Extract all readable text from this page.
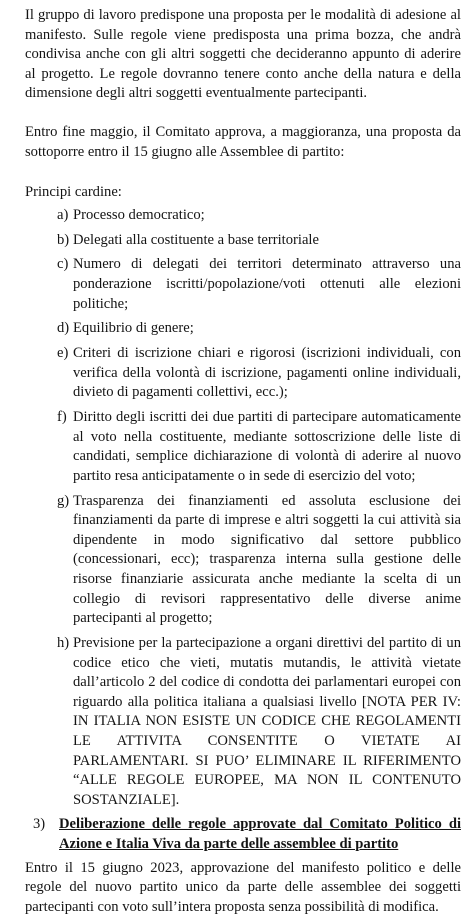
Il gruppo di lavoro predispone una proposta per le modalità di adesione al manifesto. Sulle regole viene predisposta una prima bozza, che andrà condivisa anche con gli altri soggetti che decideranno appunto di aderire al progetto. Le regole dovranno tenere conto anche della natura e della dimensione degli altri soggetti eventualmente partecipanti.

Entro fine maggio, il Comitato approva, a maggioranza, una proposta da sottoporre entro il 15 giugno alle Assemblee di partito:

Principi cardine:

a) Processo democratico;
b) Delegati alla costituente a base territoriale
c) Numero di delegati dei territori determinato attraverso una ponderazione iscritti/popolazione/voti ottenuti alle elezioni politiche;
d) Equilibrio di genere;
e) Criteri di iscrizione chiari e rigorosi (iscrizioni individuali, con verifica della volontà di iscrizione, pagamenti online individuali, divieto di pagamenti collettivi, ecc.);
f) Diritto degli iscritti dei due partiti di partecipare automaticamente al voto nella costituente, mediante sottoscrizione delle liste di candidati, semplice dichiarazione di volontà di aderire al nuovo partito resa anticipatamente o in sede di esercizio del voto;
g) Trasparenza dei finanziamenti ed assoluta esclusione dei finanziamenti da parte di imprese e altri soggetti la cui attività sia dipendente in modo significativo dal settore pubblico (concessionari, ecc); trasparenza interna sulla gestione delle risorse finanziarie assicurata anche mediante la scelta di un collegio di revisori rappresentativo delle diverse anime partecipanti al progetto;
h) Previsione per la partecipazione a organi direttivi del partito di un codice etico che vieti, mutatis mutandis, le attività vietate dall’articolo 2 del codice di condotta dei parlamentari europei con riguardo alla politica italiana a qualsiasi livello [NOTA PER IV: IN ITALIA NON ESISTE UN CODICE CHE REGOLAMENTI LE ATTIVITA CONSENTITE O VIETATE AI PARLAMENTARI. SI PUO’ ELIMINARE IL RIFERIMENTO “ALLE REGOLE EUROPEE, MA NON IL CONTENUTO SOSTANZIALE].

3) Deliberazione delle regole approvate dal Comitato Politico di Azione e Italia Viva da parte delle assemblee di partito

Entro il 15 giugno 2023, approvazione del manifesto politico e delle regole del nuovo partito unico da parte delle assemblee dei soggetti partecipanti con voto sull’intera proposta senza possibilità di modifica.
